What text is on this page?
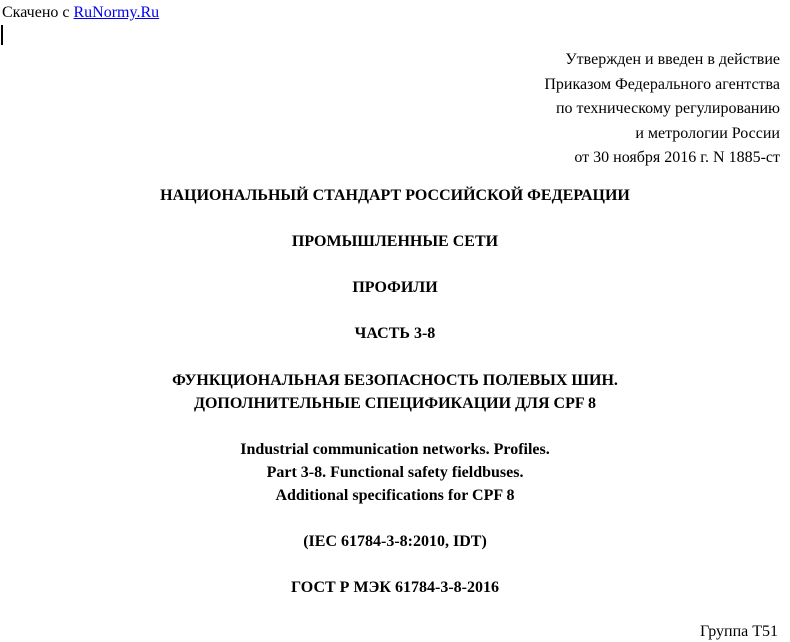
Скачено с RuNormy.Ru
Утвержден и введен в действие
Приказом Федерального агентства
по техническому регулированию
и метрологии России
от 30 ноября 2016 г. N 1885-ст
НАЦИОНАЛЬНЫЙ СТАНДАРТ РОССИЙСКОЙ ФЕДЕРАЦИИ
ПРОМЫШЛЕННЫЕ СЕТИ
ПРОФИЛИ
ЧАСТЬ 3-8
ФУНКЦИОНАЛЬНАЯ БЕЗОПАСНОСТЬ ПОЛЕВЫХ ШИН.
ДОПОЛНИТЕЛЬНЫЕ СПЕЦИФИКАЦИИ ДЛЯ CPF 8
Industrial communication networks. Profiles.
Part 3-8. Functional safety fieldbuses.
Additional specifications for CPF 8
(IEC 61784-3-8:2010, IDT)
ГОСТ Р МЭК 61784-3-8-2016
Группа Т51
